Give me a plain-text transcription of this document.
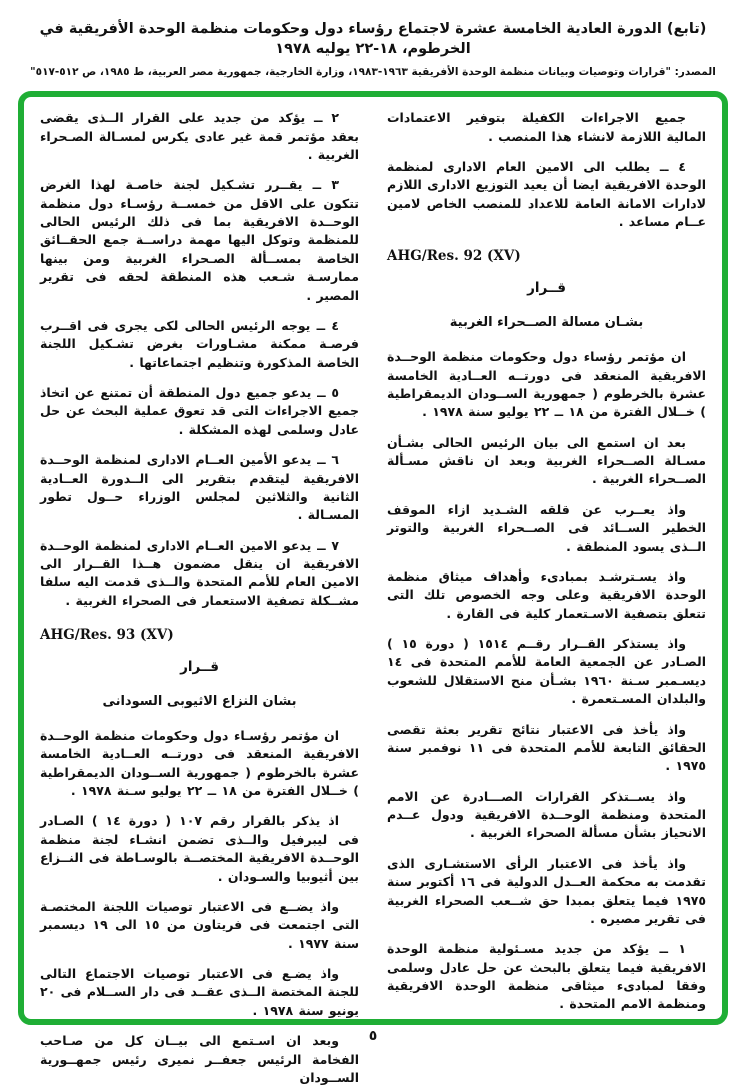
(تابع) الدورة العادية الخامسة عشرة لاجتماع رؤساء دول وحكومات منظمة الوحدة الأفريقية في الخرطوم، ١٨-٢٢ يوليه ١٩٧٨
المصدر: "قرارات وتوصيات وبيانات منظمة الوحدة الأفريقية ١٩٦٣-١٩٨٣، وزارة الخارجية، جمهورية مصر العربية، ط ١٩٨٥، ص ٥١٢-٥١٧"
جميع الاجراءات الكفيلة بتوفير الاعتمادات المالية اللازمة لانشاء هذا المنصب .
٤ ــ يطلب الى الامين العام الادارى لمنظمة الوحدة الافريقية ايضا أن يعيد التوزيع الادارى اللازم لادارات الامانة العامة للاعداد للمنصب الخاص لامين عــام مساعد .
AHG/Res. 92 (XV)
قــرار
بشـان مسالة الصــحراء الغربية
ان مؤتمر رؤساء دول وحكومات منظمة الوحــدة الافريقية المنعقد فى دورتــه العــادية الخامسة عشرة بالخرطوم ( جمهورية الســودان الديمقراطية ) خــلال الفترة من ١٨ ــ ٢٢ يوليو سنة ١٩٧٨ .
بعد ان استمع الى بيان الرئيس الحالى بشـأن مسـالة الصــحراء الغربية وبعد ان ناقش مسـألة الصــحراء الغربية .
واذ يعــرب عن قلقه الشـديد ازاء الموقف الخطير الســائد فى الصــحراء الغربية والتوتر الــذى يسود المنطقة .
واذ يسـترشـد بمبادىء وأهداف ميثاق منظمة الوحدة الافريقية وعلى وجه الخصوص تلك التى تتعلق بتصفية الاسـتعمار كلية فى القارة .
واذ يستذكر القــرار رقــم ١٥١٤ ( دورة ١٥ ) الصـادر عن الجمعية العامة للأمم المتحدة فى ١٤ ديسـمبر سـنة ١٩٦٠ بشـأن منح الاستقلال للشعوب والبلدان المسـتعمرة .
واذ يأخذ فى الاعتبار نتائج تقرير بعثة تقصى الحقائق التابعة للأمم المتحدة فى ١١ نوفمبر سنة ١٩٧٥ .
واذ يســتذكر القرارات الصـــادرة عن الامم المتحدة ومنظمة الوحــدة الافريقية ودول عــدم الانحياز بشأن مسألة الصحراء الغربية .
واذ يأخذ فى الاعتبار الرأى الاستشـارى الذى تقدمت به محكمة العــدل الدولية فى ١٦ أكتوبر سنة ١٩٧٥ فيما يتعلق بمبدا حق شــعب الصحراء الغربية فى تقرير مصيره .
١ ــ يؤكد من جديد مسـئولية منظمة الوحدة الافريقية فيما يتعلق بالبحث عن حل عادل وسلمى وفقا لمبادىء ميثاقى منظمة الوحدة الافريقية ومنظمة الامم المتحدة .
٢ ــ يؤكد من جديد على القرار الــذى يقضى بعقد مؤتمر قمة غير عادى يكرس لمسـالة الصـحراء الغربية .
٣ ــ يقــرر تشـكيل لجنة خاصـة لهذا الغرض تتكون على الاقل من خمســة رؤسـاء دول منظمة الوحــدة الافريقية بما فى ذلك الرئيس الحالى للمنظمة وتوكل اليها مهمة دراســة جمع الحقــائق الخاصة بمســألة الصـحراء الغربية ومن بينها ممارسـة شـعب هذه المنطقة لحقه فى تقرير المصير .
٤ ــ يوجه الرئيس الحالى لكى يجرى فى اقــرب فرصـة ممكنة مشـاورات بغرض تشـكيل اللجنة الخاصة المذكورة وتنظيم اجتماعاتها .
٥ ــ يدعو جميع دول المنطقة أن تمتنع عن اتخاذ جميع الاجراءات التى قد تعوق عملية البحث عن حل عادل وسلمى لهذه المشكلة .
٦ ــ يدعو الأمين العــام الادارى لمنظمة الوحــدة الافريقية ليتقدم بتقرير الى الــدورة العــادية الثانية والثلاثين لمجلس الوزراء حــول تطور المسـالة .
٧ ــ يدعو الامين العــام الادارى لمنظمة الوحــدة الافريقية ان ينقل مضمون هــذا القــرار الى الامين العام للأمم المتحدة والــذى قدمت اليه سلفا مشــكلة تصفية الاستعمار فى الصحراء الغربية .
AHG/Res. 93 (XV)
قــرار
بشان النزاع الاثيوبى السودانى
ان مؤتمر رؤسـاء دول وحكومات منظمة الوحــدة الافريقية المنعقد فى دورتــه العــادية الخامسة عشرة بالخرطوم ( جمهورية الســودان الديمقراطية ) خــلال الفترة من ١٨ ــ ٢٢ يوليو سـنة ١٩٧٨ .
اذ يذكر بالقرار رقم ١٠٧ ( دورة ١٤ ) الصـادر فى ليبرفيل والــذى تضمن انشـاء لجنة منظمة الوحــدة الافريقية المختصــة بالوسـاطة فى النــزاع بين أثيوبيا والسـودان .
واذ يضــع فى الاعتبار توصيات اللجنة المختصـة التى اجتمعت فى فريتاون من ١٥ الى ١٩ ديسمبر سنة ١٩٧٧ .
واذ يضـع فى الاعتبار توصيات الاجتماع التالى للجنة المختصة الــذى عقــد فى دار الســلام فى ٢٠ يونيو سنة ١٩٧٨ .
وبعد ان اسـتمع الى بيــان كل من صـاحب الفخامة الرئيس جعفــر نميرى رئيس جمهــورية الســودان
٥
